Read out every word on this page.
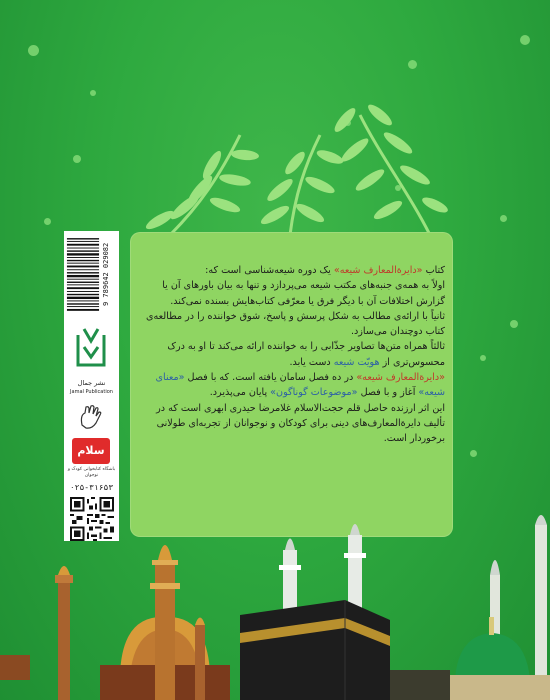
کتاب «دایرة‌المعارف شیعه» یک دوره شیعه‌شناسی است که:

اولاً به همه‌ی جنبه‌های مکتب شیعه می‌پردازد و تنها به بیان باورهای آن یا گزارش اختلافات آن با دیگر فرق یا معرّفی کتاب‌هایش بسنده نمی‌کند.

ثانیاً با ارائه‌ی مطالب به شکل پرسش و پاسخ، شوق خواننده را در مطالعه‌ی کتاب دوچندان می‌سازد.

ثالثاً همراه متن‌ها تصاویر جذّابی را به خواننده ارائه می‌کند تا او به درک محسوس‌تری از هویّت شیعه دست یابد.

«دایرة‌المعارف شیعه» در ده فصل سامان یافته است. که با فصل «معنای شیعه» آغاز و با فصل «موضوعات گوناگون» پایان می‌پذیرد.

این اثر ارزنده حاصل قلم حجت‌الاسلام غلامرضا حیدری ابهری است که در تألیف دایرة‌المعارف‌های دینی برای کودکان و نوجوانان از تجربه‌ای طولانی برخوردار است.

9 789642 029082
نشر جمال
Jamal Publication
سلام
باشگاه کتابخوانی کودک و نوجوان
۰۲۵-۳۱۶۵۳
